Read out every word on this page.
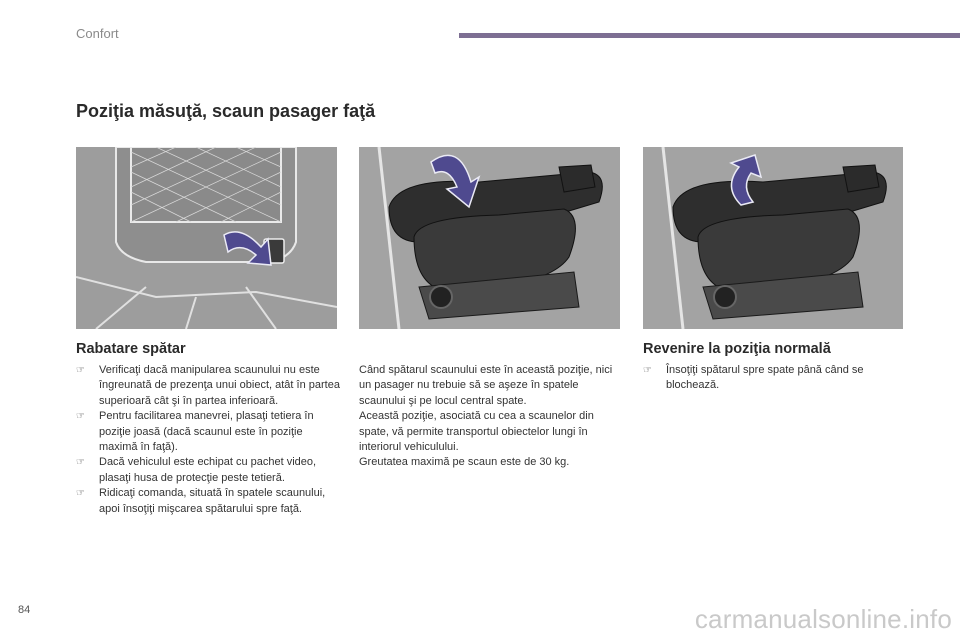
Confort
Poziţia măsuţă, scaun pasager faţă
Rabatare spătar
☞ Verificaţi dacă manipularea scaunului nu este îngreunată de prezenţa unui obiect, atât în partea superioară cât şi în partea inferioară.
☞ Pentru facilitarea manevrei, plasaţi tetiera în poziţie joasă (dacă scaunul este în poziţie maximă în faţă).
☞ Dacă vehiculul este echipat cu pachet video, plasaţi husa de protecţie peste tetieră.
☞ Ridicaţi comanda, situată în spatele scaunului, apoi însoţiţi mişcarea spătarului spre faţă.

Când spătarul scaunului este în această poziţie, nici un pasager nu trebuie să se aşeze în spatele scaunului şi pe locul central spate.
Această poziţie, asociată cu cea a scaunelor din spate, vă permite transportul obiectelor lungi în interiorul vehiculului.
Greutatea maximă pe scaun este de 30 kg.

Revenire la poziţia normală
☞ Însoţiţi spătarul spre spate până când se blochează.
84	carmanualsonline.info
